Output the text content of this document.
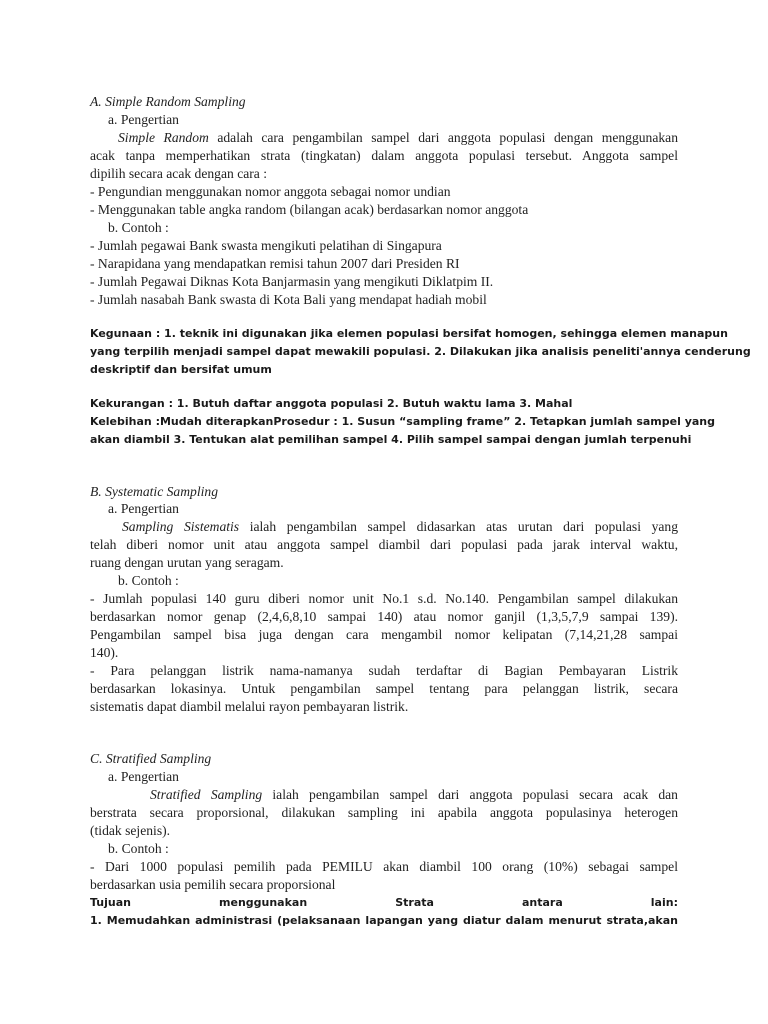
A. Simple Random Sampling
a. Pengertian
Simple Random adalah cara pengambilan sampel dari anggota populasi dengan menggunakan
acak tanpa memperhatikan strata (tingkatan) dalam anggota populasi tersebut. Anggota sampel
dipilih secara acak dengan cara :
- Pengundian menggunakan nomor anggota sebagai nomor undian
- Menggunakan table angka random (bilangan acak) berdasarkan nomor anggota
b. Contoh :
- Jumlah pegawai Bank swasta mengikuti pelatihan di Singapura
- Narapidana yang mendapatkan remisi tahun 2007 dari Presiden RI
- Jumlah Pegawai Diknas Kota Banjarmasin yang mengikuti Diklatpim II.
- Jumlah nasabah Bank swasta di Kota Bali yang mendapat hadiah mobil
Kegunaan : 1. teknik ini digunakan jika elemen populasi bersifat homogen, sehingga elemen manapun
yang terpilih menjadi sampel dapat mewakili populasi. 2. Dilakukan jika analisis peneliti'annya cenderung
deskriptif dan bersifat umum
Kekurangan : 1. Butuh daftar anggota populasi 2. Butuh waktu lama 3. Mahal
Kelebihan :Mudah diterapkanProsedur : 1. Susun “sampling frame” 2. Tetapkan jumlah sampel yang
akan diambil 3. Tentukan alat pemilihan sampel 4. Pilih sampel sampai dengan jumlah terpenuhi
B. Systematic Sampling
a. Pengertian
Sampling Sistematis ialah pengambilan sampel didasarkan atas urutan dari populasi yang
telah diberi nomor unit atau anggota sampel diambil dari populasi pada jarak interval waktu,
ruang dengan urutan yang seragam.
b. Contoh :
- Jumlah populasi 140 guru diberi nomor unit No.1 s.d. No.140. Pengambilan sampel dilakukan
berdasarkan nomor genap (2,4,6,8,10 sampai 140) atau nomor ganjil (1,3,5,7,9 sampai 139).
Pengambilan sampel bisa juga dengan cara mengambil nomor kelipatan (7,14,21,28 sampai
140).
- Para pelanggan listrik nama-namanya sudah terdaftar di Bagian Pembayaran Listrik
berdasarkan lokasinya. Untuk pengambilan sampel tentang para pelanggan listrik, secara
sistematis dapat diambil melalui rayon pembayaran listrik.
C. Stratified Sampling
a. Pengertian
Stratified Sampling ialah pengambilan sampel dari anggota populasi secara acak dan
berstrata secara proporsional, dilakukan sampling ini apabila anggota populasinya heterogen
(tidak sejenis).
b. Contoh :
- Dari 1000 populasi pemilih pada PEMILU akan diambil 100 orang (10%) sebagai sampel
berdasarkan usia pemilih secara proporsional
Tujuan menggunakan Strata antara lain:
1. Memudahkan administrasi (pelaksanaan lapangan yang diatur dalam menurut strata,akan
